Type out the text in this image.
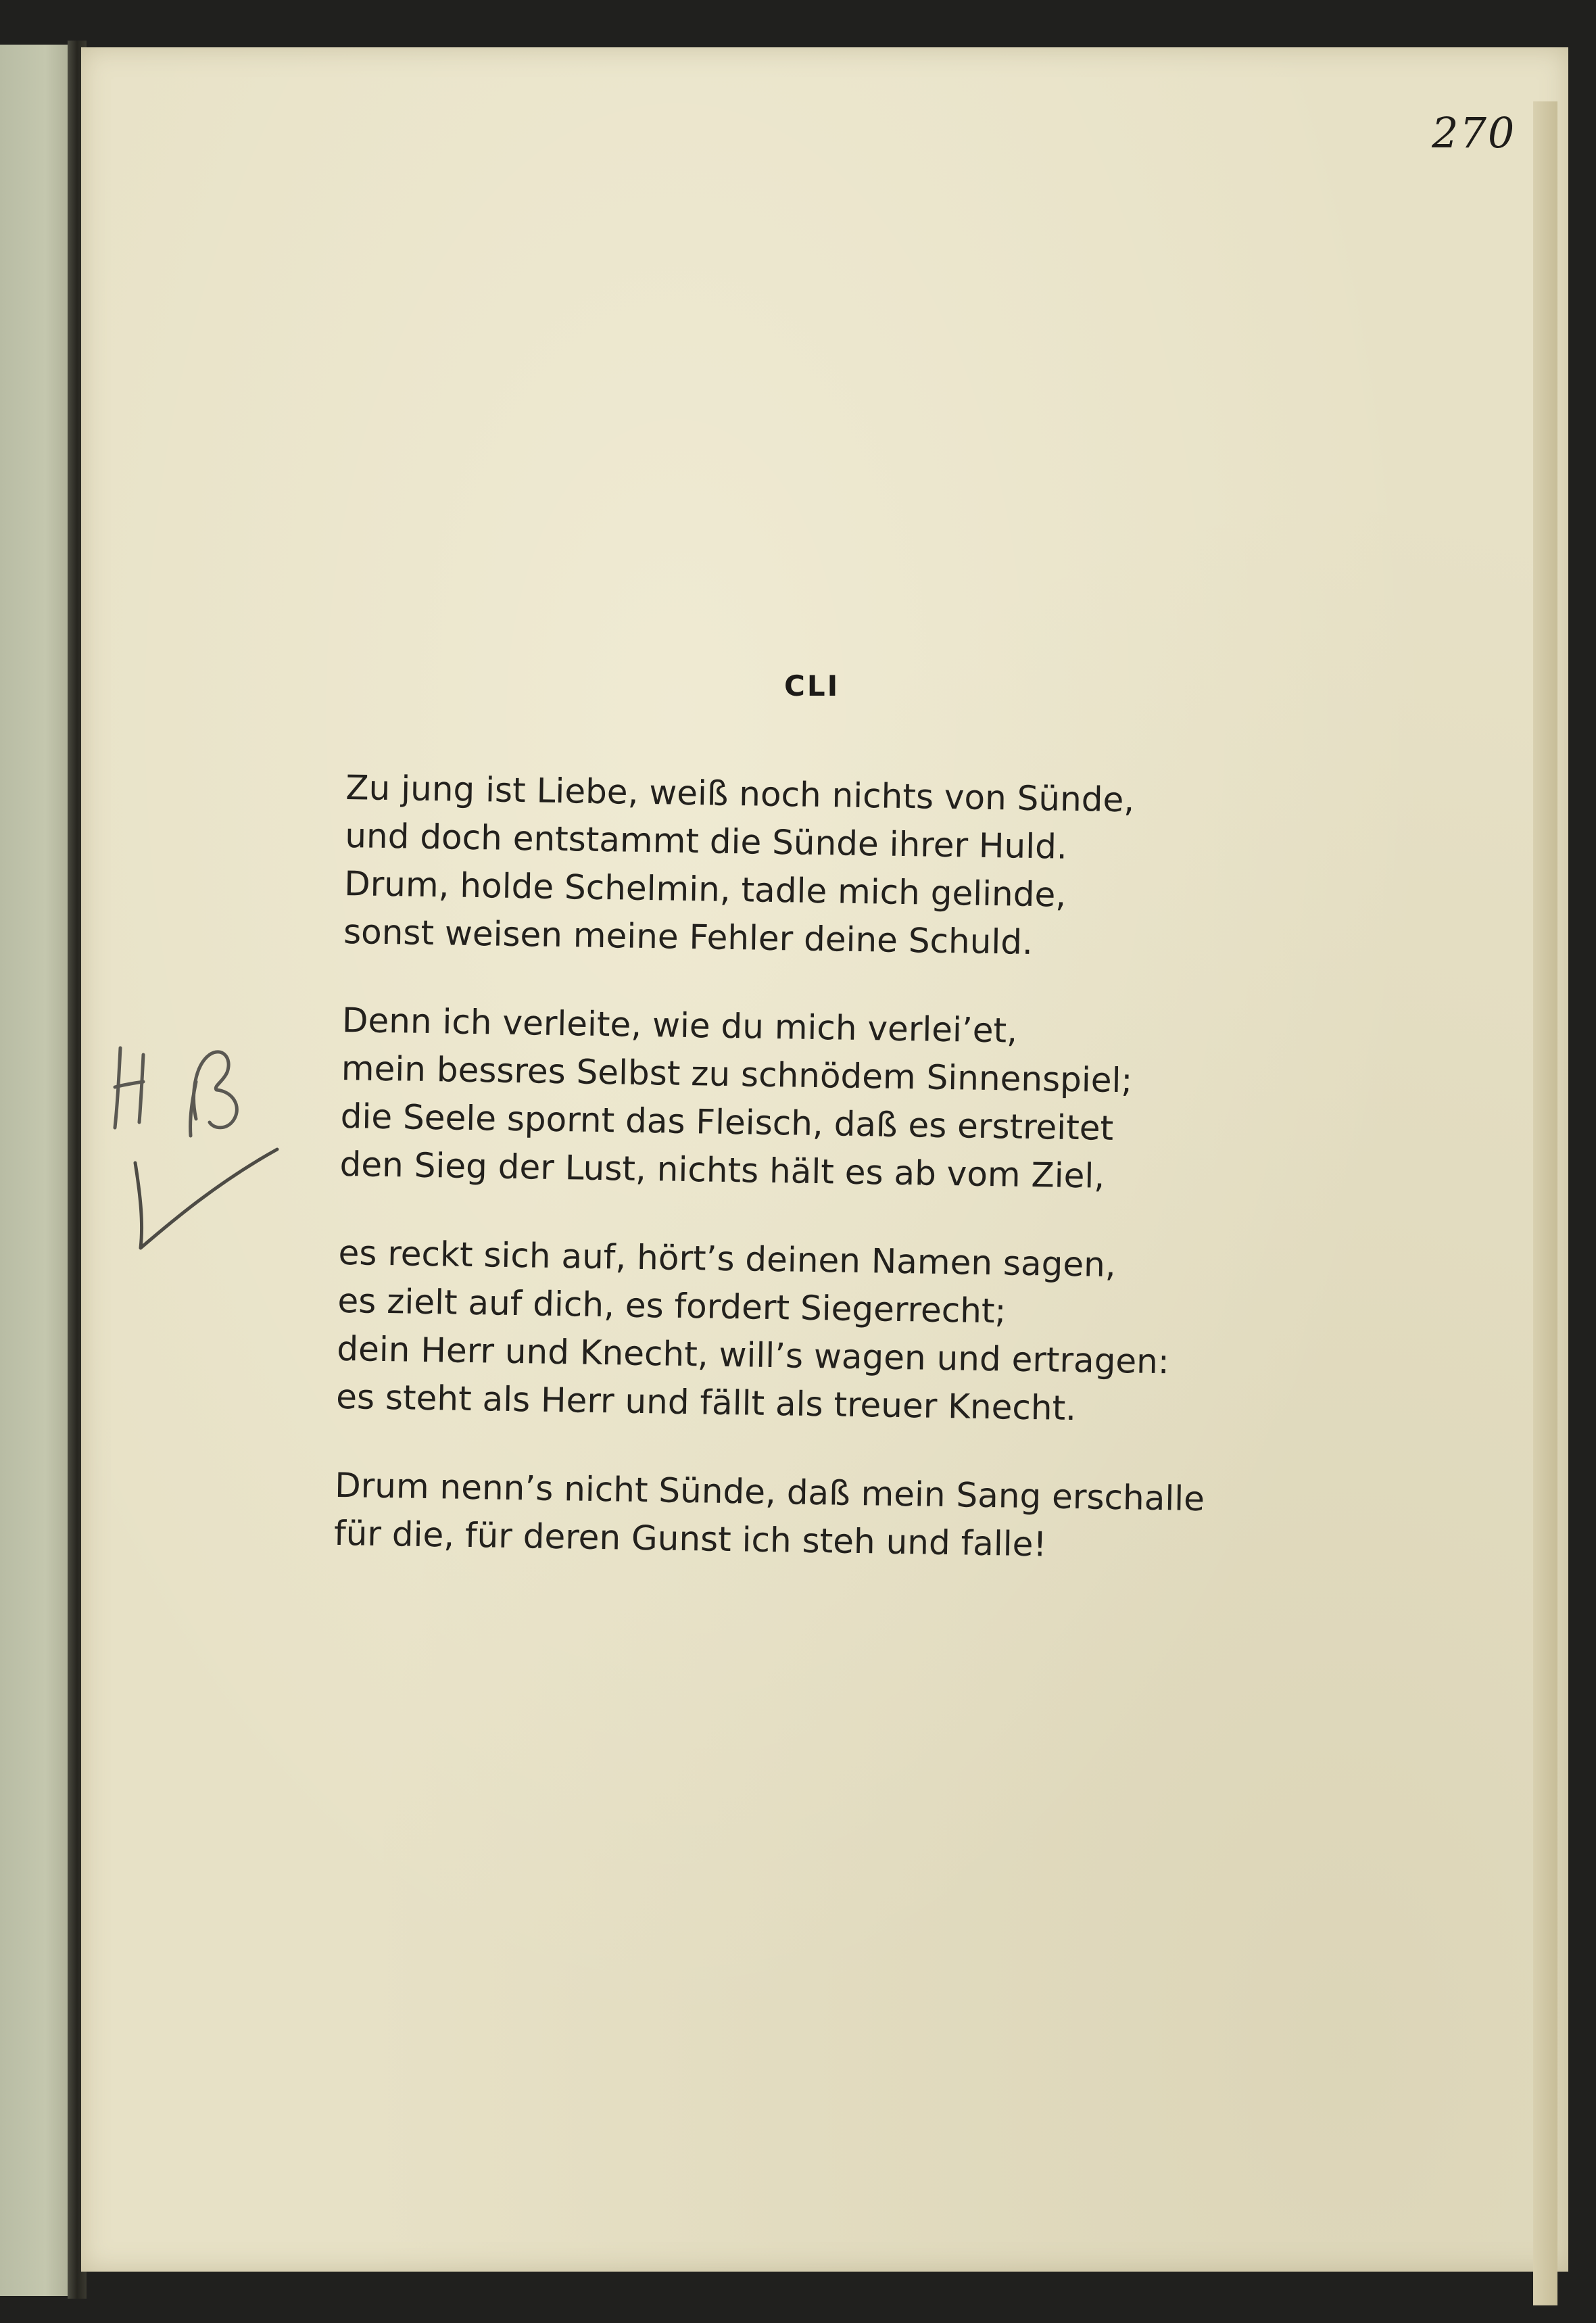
270
CLI
Zu jung ist Liebe, weiß noch nichts von Sünde,
und doch entstammt die Sünde ihrer Huld.
Drum, holde Schelmin, tadle mich gelinde,
sonst weisen meine Fehler deine Schuld.
Denn ich verleite, wie du mich verlei’et,
mein bessres Selbst zu schnödem Sinnenspiel;
die Seele spornt das Fleisch, daß es erstreitet
den Sieg der Lust, nichts hält es ab vom Ziel,
es reckt sich auf, hört’s deinen Namen sagen,
es zielt auf dich, es fordert Siegerrecht;
dein Herr und Knecht, will’s wagen und ertragen:
es steht als Herr und fällt als treuer Knecht.
Drum nenn’s nicht Sünde, daß mein Sang erschalle
für die, für deren Gunst ich steh und falle!
